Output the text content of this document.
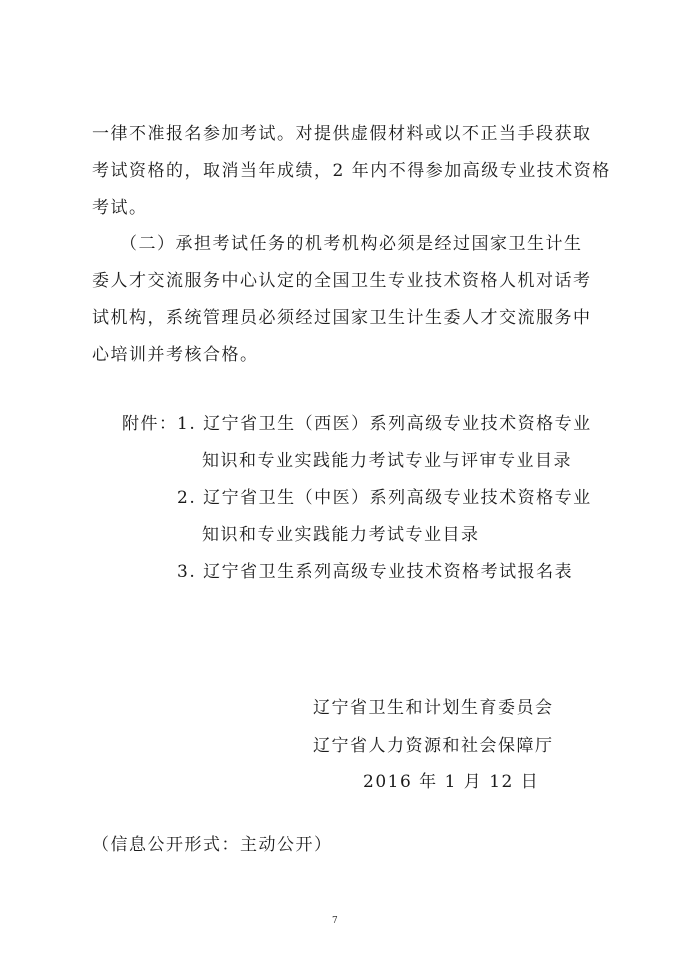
一律不准报名参加考试。对提供虚假材料或以不正当手段获取
考试资格的，取消当年成绩，2 年内不得参加高级专业技术资格
考试。
（二）承担考试任务的机考机构必须是经过国家卫生计生
委人才交流服务中心认定的全国卫生专业技术资格人机对话考
试机构，系统管理员必须经过国家卫生计生委人才交流服务中
心培训并考核合格。
附件： 1. 辽宁省卫生（西医）系列高级专业技术资格专业
知识和专业实践能力考试专业与评审专业目录
2. 辽宁省卫生（中医）系列高级专业技术资格专业
知识和专业实践能力考试专业目录
3. 辽宁省卫生系列高级专业技术资格考试报名表
辽宁省卫生和计划生育委员会
辽宁省人力资源和社会保障厅
2016 年 1 月 12 日
（信息公开形式：主动公开）
7
